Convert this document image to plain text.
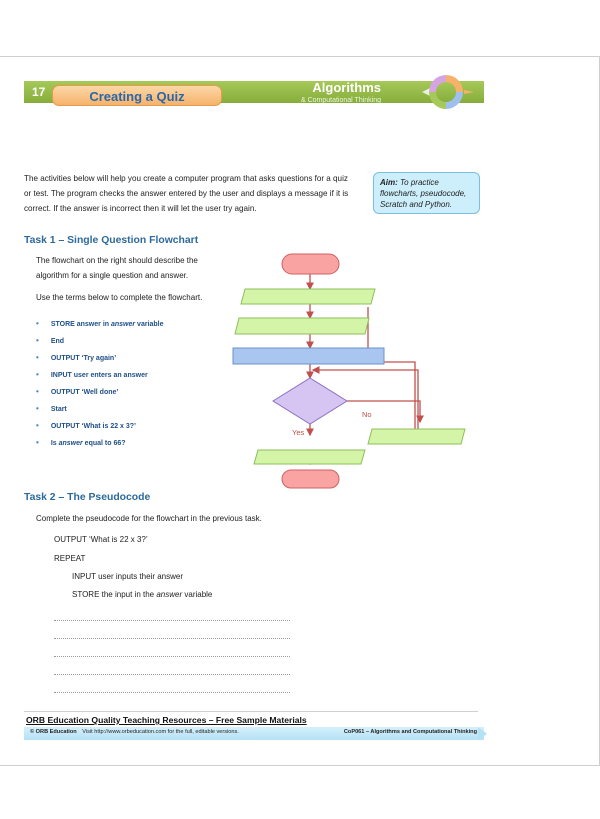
17	Creating a Quiz
Algorithms
& Computational Thinking
The activities below will help you create a computer program that asks questions for a quiz or test. The program checks the answer entered by the user and displays a message if it is correct. If the answer is incorrect then it will let the user try again.
Aim: To practice flowcharts, pseudocode, Scratch and Python.
Task 1 – Single Question Flowchart
The flowchart on the right should describe the algorithm for a single question and answer.
Use the terms below to complete the flowchart.
• STORE answer in answer variable
• End
• OUTPUT ‘Try again’
• INPUT user enters an answer
• OUTPUT ‘Well done’
• Start
• OUTPUT ‘What is 22 x 3?’
• Is answer equal to 66?
Yes
No
Task 2 – The Pseudocode
Complete the pseudocode for the flowchart in the previous task.
OUTPUT ‘What is 22 x 3?’
REPEAT
INPUT user inputs their answer
STORE the input in the answer variable
ORB Education Quality Teaching Resources – Free Sample Materials
© ORB Education Visit http://www.orbeducation.com for the full, editable versions.	CoP061 – Algorithms and Computational Thinking
